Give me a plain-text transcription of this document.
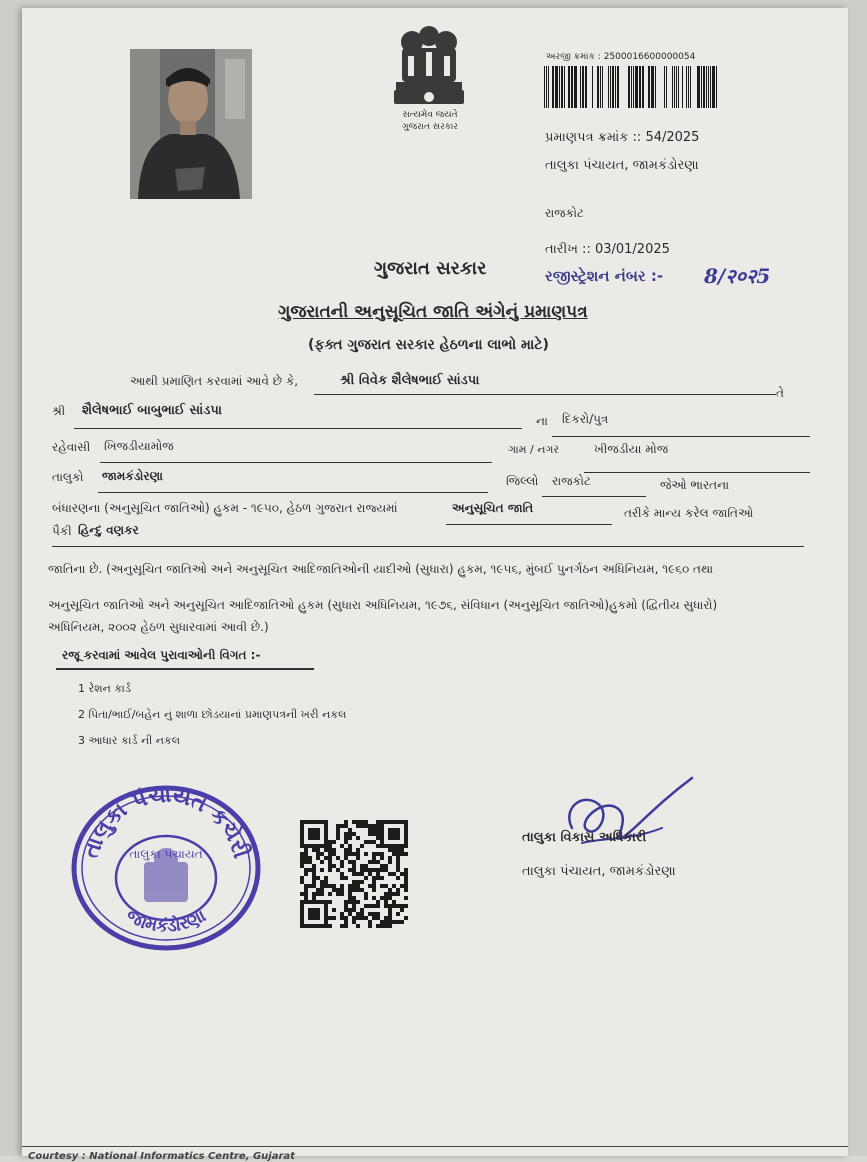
સત્યમેવ જયતે
ગુજરાત સરકાર
અરજી ક્રમાંક : 2500016600000054
પ્રમાણપત્ર ક્રમાંક :: 54/2025
તાલુકા પંચાયત, જામકંડોરણા
રાજકોટ
તારીખ :: 03/01/2025
રજીસ્ટ્રેશન નંબર :- 8/२०२5
ગુજરાત સરકાર
ગુજરાતની અનુસૂચિત જાતિ અંગેનું પ્રમાણપત્ર
(ફક્ત ગુજરાત સરકાર હેઠળના લાભો માટે)
આથી પ્રમાણિત કરવામાં આવે છે કે,	શ્રી વિવેક શૈલેષભાઈ સાંડપા
તે
શ્રી શૈલેષભાઈ બાબુભાઈ સાંડપા
ના દિકરો/પુત્ર
રહેવાસી ખિજડીયામોજ	ગામ / નગર	ખીજડીયા મોજ
તાલુકો જામકંડોરણા	જિલ્લો રાજકોટ	જેઓ ભારતના
બંધારણના (અનુસૂચિત જાતિઓ) હુકમ - ૧૯૫૦, હેઠળ ગુજરાત રાજ્યમાં	અનુસૂચિત જાતિ	તરીકે માન્ય કરેલ જાતિઓ
પૈકી હિન્દુ વણકર
જાતિના છે. (અનુસૂચિત જાતિઓ અને અનુસૂચિત આદિજાતિઓની યાદીઓ (સુધારા) હુકમ, ૧૯૫૬, મુંબઈ પુનર્ગઠન અધિનિયમ, ૧૯૬૦ તથા
અનુસૂચિત જાતિઓ અને અનુસૂચિત આદિજાતિઓ હુકમ (સુધારા અધિનિયમ, ૧૯૭૬, સંવિધાન (અનુસૂચિત જાતિઓ)હુકમો (દ્વિતીય સુધારો)
અધિનિયમ, ૨૦૦૨ હેઠળ સુધારવામાં આવી છે.)
રજૂ કરવામાં આવેલ પુરાવાઓની વિગત :-
1 રેશન કાર્ડ
2 પિતા/ભાઈ/બહેન નું શાળા છોડયાનાં પ્રમાણપત્રની ખરી નકલ
3 આધાર કાર્ડ ની નકલ
તાલુકા પંચાયત કચેરી
જામકંડોરણા
તાલુકા પંચાયત
તાલુકા વિકાસ અધિકારી
તાલુકા પંચાયત, જામકંડોરણા
Courtesy : National Informatics Centre, Gujarat
